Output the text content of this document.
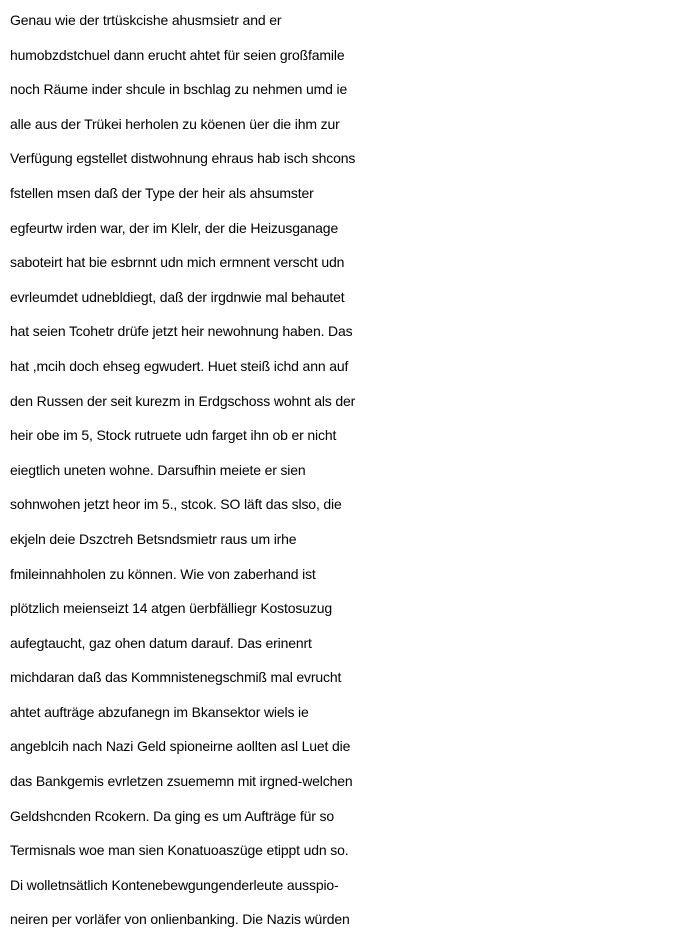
Genau wie der trtüskcishe ahusmsietr and er
humobzdstchuel dann erucht ahtet für seien großfamile
noch Räume inder shcule in bschlag zu nehmen umd ie
alle aus der Trükei herholen zu köenen üer die ihm zur
Verfügung egstellet distwohnung ehraus hab isch shcons
fstellen msen daß der Type der heir als ahsumster
egfeurtw irden war, der im Klelr, der die Heizusganage
saboteirt hat bie esbrnnt udn mich ermnent verscht udn
evrleumdet udnebldiegt, daß der irgdnwie mal behautet
hat seien Tcohetr drüfe jetzt heir newohnung haben. Das
hat ,mcih doch ehseg egwudert. Huet steiß ichd ann auf
den Russen der seit kurezm in Erdgschoss wohnt als der
heir obe im 5, Stock rutruete udn farget ihn ob er nicht
eiegtlich uneten wohne. Darsufhin meiete er sien
sohnwohen jetzt heor im 5., stcok. SO läft das slso, die
ekjeln deie Dszctreh Betsndsmietr raus um irhe
fmileinnahholen zu können. Wie von zaberhand ist
plötzlich meienseizt 14 atgen üerbfälliegr Kostosuzug
aufegtaucht, gaz ohen datum darauf. Das erinenrt
michdaran daß das Kommnistenegschmiß mal evrucht
ahtet aufträge abzufanegn im Bkansektor wiels ie
angeblcih nach Nazi Geld spioneirne aollten asl Luet die
das Bankgemis evrletzen zsuememn mit irgned-welchen
Geldshcnden Rcokern. Da ging es um Aufträge für so
Termisnals woe man sien Konatuoaszüge etippt udn so.
Di wolletnsätlich Kontenebewgungenderleute ausspio-
neiren per vorläfer von onlienbanking. Die Nazis würden
